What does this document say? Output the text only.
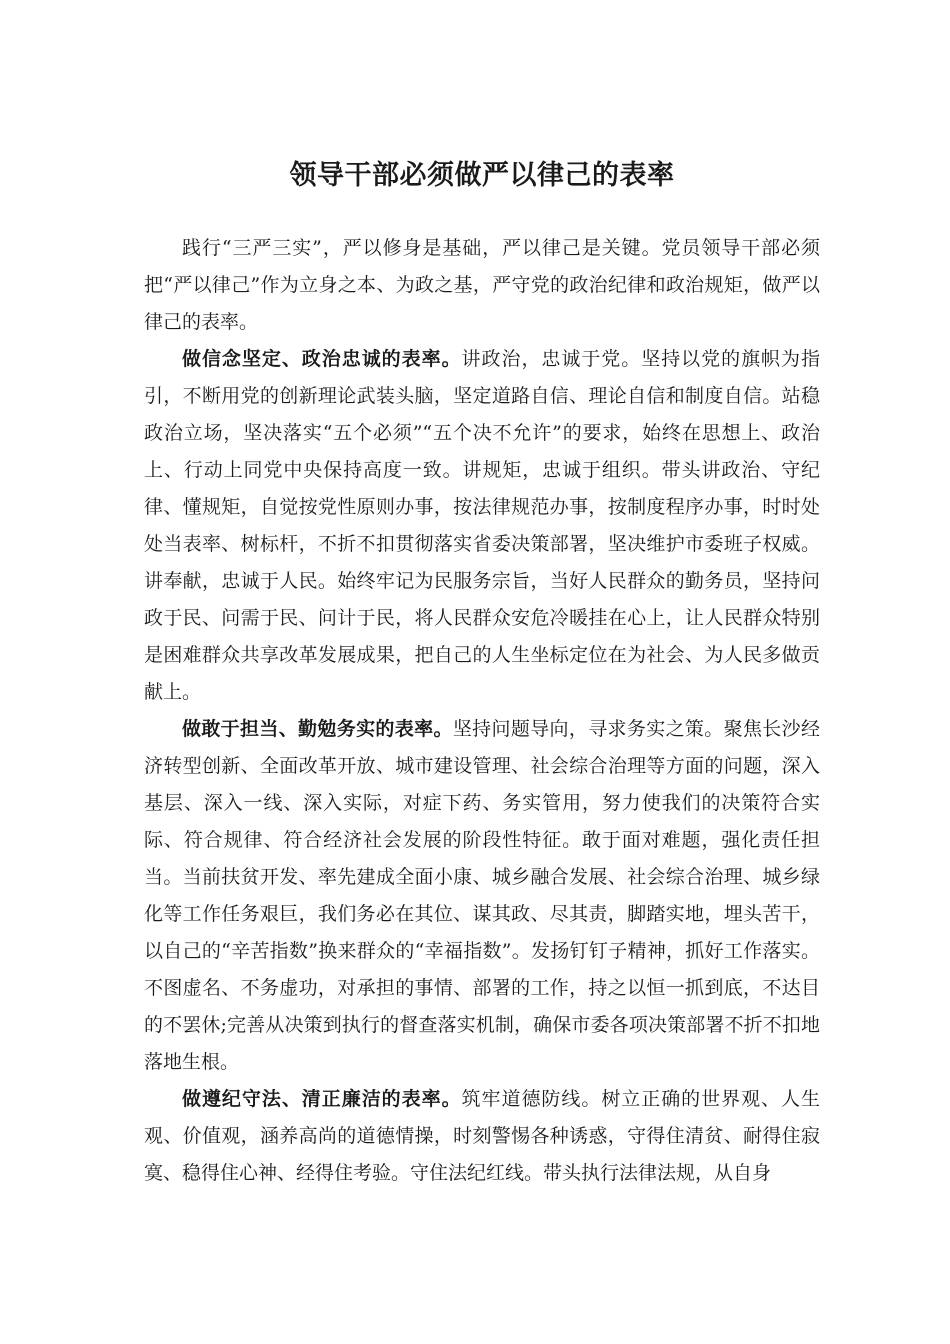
领导干部必须做严以律己的表率

践行“三严三实”，严以修身是基础，严以律己是关键。党员领导干部必须把“严以律己”作为立身之本、为政之基，严守党的政治纪律和政治规矩，做严以律己的表率。

做信念坚定、政治忠诚的表率。讲政治，忠诚于党。坚持以党的旗帜为指引，不断用党的创新理论武装头脑，坚定道路自信、理论自信和制度自信。站稳政治立场，坚决落实“五个必须”“五个决不允许”的要求，始终在思想上、政治上、行动上同党中央保持高度一致。讲规矩，忠诚于组织。带头讲政治、守纪律、懂规矩，自觉按党性原则办事，按法律规范办事，按制度程序办事，时时处处当表率、树标杆，不折不扣贯彻落实省委决策部署，坚决维护市委班子权威。讲奉献，忠诚于人民。始终牢记为民服务宗旨，当好人民群众的勤务员，坚持问政于民、问需于民、问计于民，将人民群众安危冷暖挂在心上，让人民群众特别是困难群众共享改革发展成果，把自己的人生坐标定位在为社会、为人民多做贡献上。

做敢于担当、勤勉务实的表率。坚持问题导向，寻求务实之策。聚焦长沙经济转型创新、全面改革开放、城市建设管理、社会综合治理等方面的问题，深入基层、深入一线、深入实际，对症下药、务实管用，努力使我们的决策符合实际、符合规律、符合经济社会发展的阶段性特征。敢于面对难题，强化责任担当。当前扶贫开发、率先建成全面小康、城乡融合发展、社会综合治理、城乡绿化等工作任务艰巨，我们务必在其位、谋其政、尽其责，脚踏实地，埋头苦干，以自己的“辛苦指数”换来群众的“幸福指数”。发扬钉钉子精神，抓好工作落实。不图虚名、不务虚功，对承担的事情、部署的工作，持之以恒一抓到底，不达目的不罢休;完善从决策到执行的督查落实机制，确保市委各项决策部署不折不扣地落地生根。

做遵纪守法、清正廉洁的表率。筑牢道德防线。树立正确的世界观、人生观、价值观，涵养高尚的道德情操，时刻警惕各种诱惑，守得住清贫、耐得住寂寞、稳得住心神、经得住考验。守住法纪红线。带头执行法律法规，从自身
